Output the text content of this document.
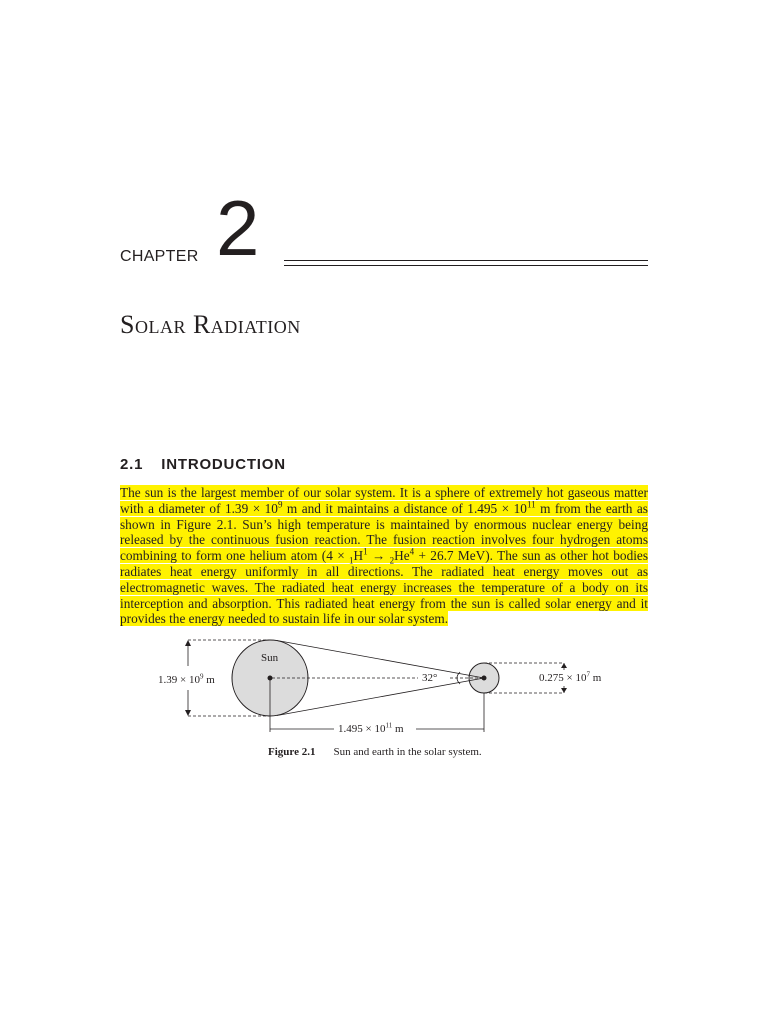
CHAPTER 2
Solar Radiation
2.1 INTRODUCTION
The sun is the largest member of our solar system. It is a sphere of extremely hot gaseous matter with a diameter of $1.39 \times 10^9$ m and it maintains a distance of $1.495 \times 10^{11}$ m from the earth as shown in Figure 2.1. Sun’s high temperature is maintained by enormous nuclear energy being released by the continuous fusion reaction. The fusion reaction involves four hydrogen atoms combining to form one helium atom ($4 \times _1H^1 \to _2He^4 + 26.7$ MeV). The sun as other hot bodies radiates heat energy uniformly in all directions. The radiated heat energy moves out as electromagnetic waves. The radiated heat energy increases the temperature of a body on its interception and absorption. This radiated heat energy from the sun is called solar energy and it provides the energy needed to sustain life in our solar system.
Sun
$1.39 \times 10^9$ m	32°	$0.275 \times 10^7$ m
$1.495 \times 10^{11}$ m
Figure 2.1 Sun and earth in the solar system.
